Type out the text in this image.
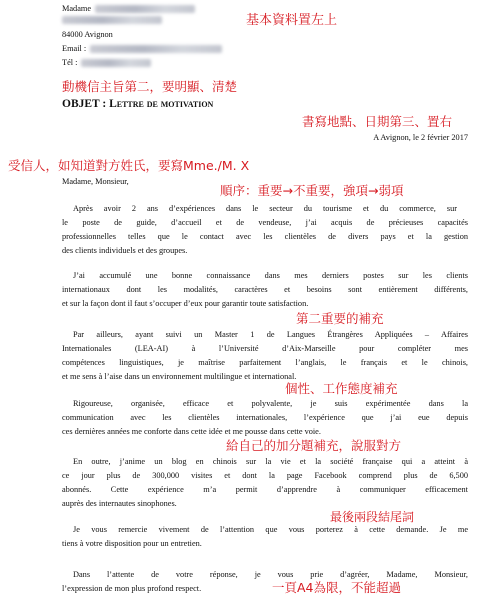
Madame
84000 Avignon
Email :
Tél :
OBJET : Lettre de motivation
A Avignon, le 2 février 2017
Madame, Monsieur,
Après avoir 2 ans d’expériences dans le secteur du tourisme et du commerce, sur
le poste de guide, d’accueil et de vendeuse, j’ai acquis de précieuses capacités
professionnelles telles que le contact avec les clientèles de divers pays et la gestion
des clients individuels et des groupes.
J’ai accumulé une bonne connaissance dans mes derniers postes sur les clients
internationaux dont les modalités, caractères et besoins sont entièrement différents,
et sur la façon dont il faut s’occuper d’eux pour garantir toute satisfaction.
Par ailleurs, ayant suivi un Master 1 de Langues Étrangères Appliquées – Affaires
Internationales (LEA-AI) à l’Université d’Aix-Marseille pour compléter mes
compétences linguistiques, je maîtrise parfaitement l’anglais, le français et le chinois,
et me sens à l’aise dans un environnement multilingue et international.
Rigoureuse, organisée, efficace et polyvalente, je suis expérimentée dans la
communication avec les clientèles internationales, l’expérience que j’ai eue depuis
ces dernières années me conforte dans cette idée et me pousse dans cette voie.
En outre, j’anime un blog en chinois sur la vie et la société française qui a atteint à
ce jour plus de 300,000 visites et dont la page Facebook comprend plus de 6,500
abonnés. Cette expérience m’a permit d’apprendre à communiquer efficacement
auprès des internautes sinophones.
Je vous remercie vivement de l’attention que vous porterez à cette demande. Je me
tiens à votre disposition pour un entretien.
Dans l’attente de votre réponse, je vous prie d’agréer, Madame, Monsieur,
l’expression de mon plus profond respect.
基本資料置左上
動機信主旨第二，要明顯、清楚
書寫地點、日期第三、置右
受信人，如知道對方姓氏，要寫Mme./M. X
順序：重要→不重要，強項→弱項
第二重要的補充
個性、工作態度補充
給自己的加分題補充，說服對方
最後兩段結尾詞
一頁A4為限，不能超過
